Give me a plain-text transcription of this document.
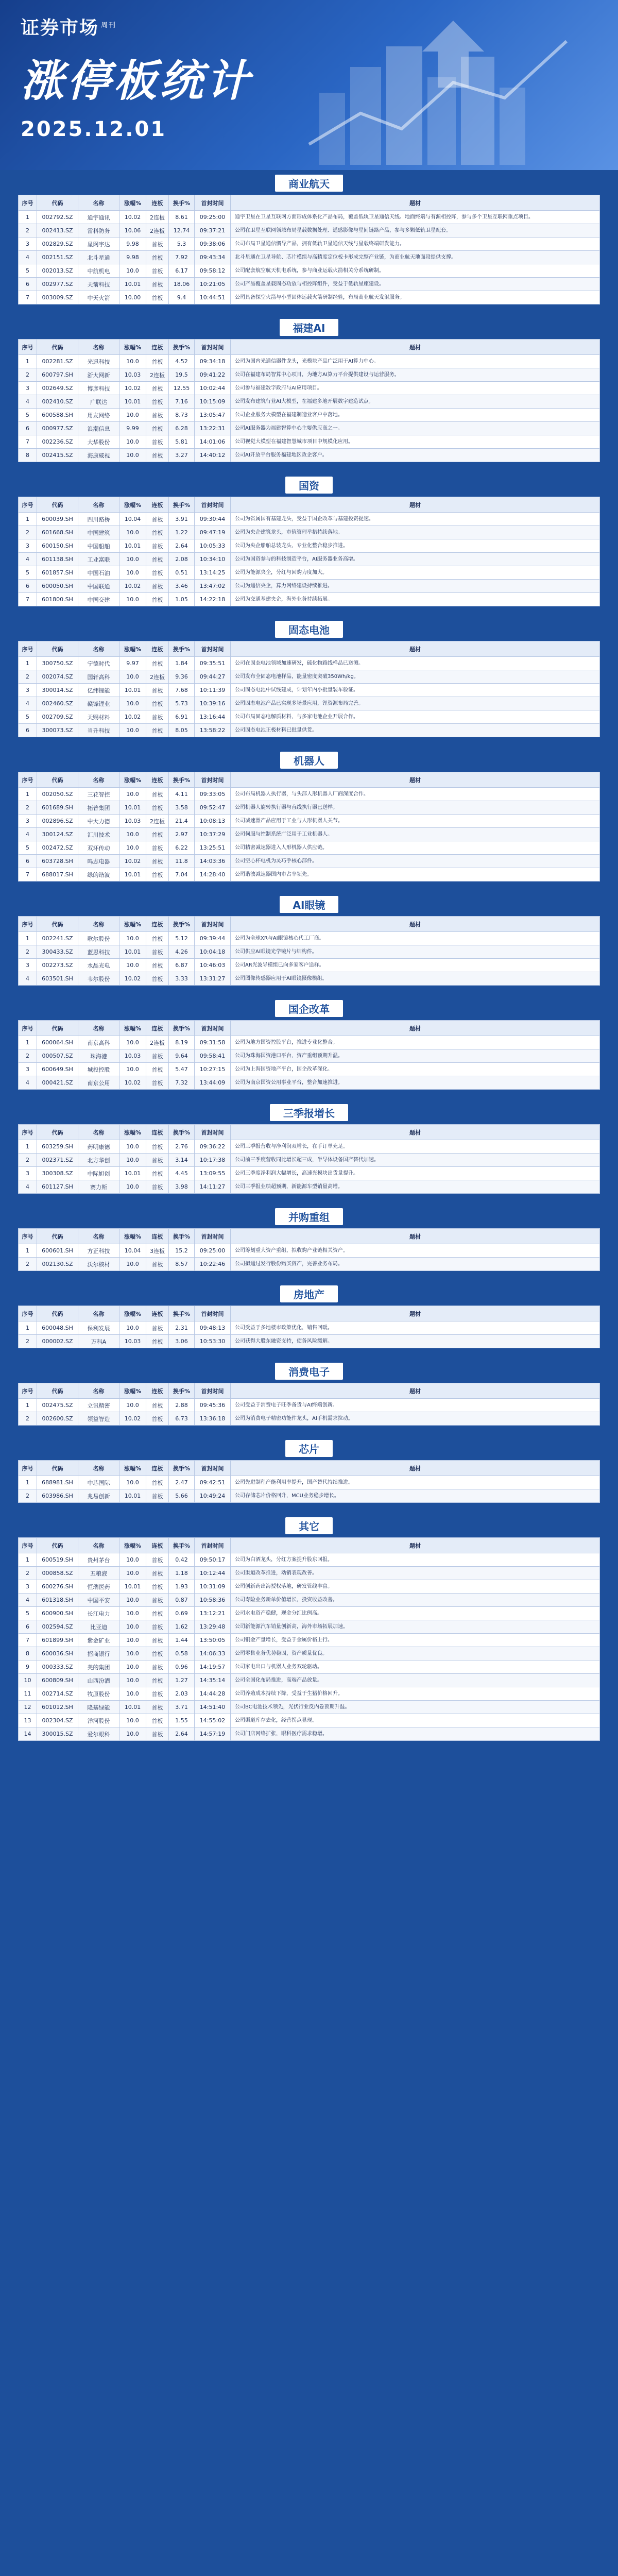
证券市场 $^{周刊}$
涨停板统计
2025.12.01
商业航天
序号	代码	名称	涨幅%	连板	换手%	首封时间	题材
1	002792.SZ	通宇通讯	10.02	2连板	8.61	09:25:00	通宇卫星在卫星互联网方面形成体系化产品布局，覆盖低轨卫星通信天线、地面终端与有源相控阵，参与多个卫星互联网重点项目。
2	002413.SZ	雷科防务	10.06	2连板	12.74	09:37:21	公司在卫星互联网领域布局星载数据处理、遥感影像与星间链路产品，参与多颗低轨卫星配套。
3	002829.SZ	星网宇达	9.98	首板	5.3	09:38:06	公司布局卫星通信惯导产品，拥有低轨卫星通信天线与星载终端研发能力。
4	002151.SZ	北斗星通	9.98	首板	7.92	09:43:34	北斗星通在卫星导航、芯片模组与高精度定位板卡形成完整产业链，为商业航天地面段提供支撑。
5	002013.SZ	中航机电	10.0	首板	6.17	09:58:12	公司配套航空航天机电系统，参与商业运载火箭相关分系统研制。
6	002977.SZ	天箭科技	10.01	首板	18.06	10:21:05	公司产品覆盖星载固态功放与相控阵组件，受益于低轨星座建设。
7	003009.SZ	中天火箭	10.00	首板	9.4	10:44:51	公司具备探空火箭与小型固体运载火箭研制经验，布局商业航天发射服务。
福建AI
序号	代码	名称	涨幅%	连板	换手%	首封时间	题材
1	002281.SZ	光迅科技	10.0	首板	4.52	09:34:18	公司为国内光通信器件龙头，光模块产品广泛用于AI算力中心。
2	600797.SH	浙大网新	10.03	2连板	19.5	09:41:22	公司在福建布局智算中心项目，为地方AI算力平台提供建设与运营服务。
3	002649.SZ	博彦科技	10.02	首板	12.55	10:02:44	公司参与福建数字政府与AI应用项目。
4	002410.SZ	广联达	10.01	首板	7.16	10:15:09	公司发布建筑行业AI大模型，在福建多地开展数字建造试点。
5	600588.SH	用友网络	10.0	首板	8.73	13:05:47	公司企业服务大模型在福建制造业客户中落地。
6	000977.SZ	浪潮信息	9.99	首板	6.28	13:22:31	公司AI服务器为福建智算中心主要供应商之一。
7	002236.SZ	大华股份	10.0	首板	5.81	14:01:06	公司视觉大模型在福建智慧城市项目中规模化应用。
8	002415.SZ	海康威视	10.0	首板	3.27	14:40:12	公司AI开放平台服务福建地区政企客户。
国资
序号	代码	名称	涨幅%	连板	换手%	首封时间	题材
1	600039.SH	四川路桥	10.04	首板	3.91	09:30:44	公司为省属国有基建龙头，受益于国企改革与基建投资提速。
2	601668.SH	中国建筑	10.0	首板	1.22	09:47:19	公司为央企建筑龙头，市值管理举措持续落地。
3	600150.SH	中国船舶	10.01	首板	2.64	10:05:33	公司为央企船舶总装龙头，专业化整合稳步推进。
4	601138.SH	工业富联	10.0	首板	2.08	10:34:10	公司为国资参与的科技制造平台，AI服务器业务高增。
5	601857.SH	中国石油	10.0	首板	0.51	13:14:25	公司为能源央企，分红与回购力度加大。
6	600050.SH	中国联通	10.02	首板	3.46	13:47:02	公司为通信央企，算力网络建设持续推进。
7	601800.SH	中国交建	10.0	首板	1.05	14:22:18	公司为交通基建央企，海外业务持续拓展。
固态电池
序号	代码	名称	涨幅%	连板	换手%	首封时间	题材
1	300750.SZ	宁德时代	9.97	首板	1.84	09:35:51	公司在固态电池领域加速研发，硫化物路线样品已送测。
2	002074.SZ	国轩高科	10.0	2连板	9.36	09:44:27	公司发布全固态电池样品，能量密度突破350Wh/kg。
3	300014.SZ	亿纬锂能	10.01	首板	7.68	10:11:39	公司固态电池中试线建成，计划年内小批量装车验证。
4	002460.SZ	赣锋锂业	10.0	首板	5.73	10:39:16	公司固态电池产品已实现多场景应用，锂资源布局完善。
5	002709.SZ	天赐材料	10.02	首板	6.91	13:16:44	公司布局固态电解质材料，与多家电池企业开展合作。
6	300073.SZ	当升科技	10.0	首板	8.05	13:58:22	公司固态电池正极材料已批量供货。
机器人
序号	代码	名称	涨幅%	连板	换手%	首封时间	题材
1	002050.SZ	三花智控	10.0	首板	4.11	09:33:05	公司布局机器人执行器，与头部人形机器人厂商深度合作。
2	601689.SH	拓普集团	10.01	首板	3.58	09:52:47	公司机器人旋转执行器与直线执行器已送样。
3	002896.SZ	中大力德	10.03	2连板	21.4	10:08:13	公司减速器产品应用于工业与人形机器人关节。
4	300124.SZ	汇川技术	10.0	首板	2.97	10:37:29	公司伺服与控制系统广泛用于工业机器人。
5	002472.SZ	双环传动	10.0	首板	6.22	13:25:51	公司精密减速器进入人形机器人供应链。
6	603728.SH	鸣志电器	10.02	首板	11.8	14:03:36	公司空心杯电机为灵巧手核心部件。
7	688017.SH	绿的谐波	10.01	首板	7.04	14:28:40	公司谐波减速器国内市占率领先。
AI眼镜
序号	代码	名称	涨幅%	连板	换手%	首封时间	题材
1	002241.SZ	歌尔股份	10.0	首板	5.12	09:39:44	公司为全球XR与AI眼镜核心代工厂商。
2	300433.SZ	蓝思科技	10.01	首板	4.26	10:04:18	公司供应AI眼镜光学镜片与结构件。
3	002273.SZ	水晶光电	10.0	首板	6.87	10:46:03	公司AR光波导模组已向多家客户送样。
4	603501.SH	韦尔股份	10.02	首板	3.33	13:31:27	公司图像传感器应用于AI眼镜摄像模组。
国企改革
序号	代码	名称	涨幅%	连板	换手%	首封时间	题材
1	600064.SH	南京高科	10.0	2连板	8.19	09:31:58	公司为地方国资控股平台，推进专业化整合。
2	000507.SZ	珠海港	10.03	首板	9.64	09:58:41	公司为珠海国资港口平台，资产重组预期升温。
3	600649.SH	城投控股	10.0	首板	5.47	10:27:15	公司为上海国资地产平台，国企改革深化。
4	000421.SZ	南京公用	10.02	首板	7.32	13:44:09	公司为南京国资公用事业平台，整合加速推进。
三季报增长
序号	代码	名称	涨幅%	连板	换手%	首封时间	题材
1	603259.SH	药明康德	10.0	首板	2.76	09:36:22	公司三季报营收与净利润双增长，在手订单充足。
2	002371.SZ	北方华创	10.0	首板	3.14	10:17:38	公司前三季度营收同比增长超三成，半导体设备国产替代加速。
3	300308.SZ	中际旭创	10.01	首板	4.45	13:09:55	公司三季度净利润大幅增长，高速光模块出货量提升。
4	601127.SH	赛力斯	10.0	首板	3.98	14:11:27	公司三季报业绩超预期，新能源车型销量高增。
并购重组
序号	代码	名称	涨幅%	连板	换手%	首封时间	题材
1	600601.SH	方正科技	10.04	3连板	15.2	09:25:00	公司筹划重大资产重组，拟收购产业链相关资产。
2	002130.SZ	沃尔核材	10.0	首板	8.57	10:22:46	公司拟通过发行股份购买资产，完善业务布局。
房地产
序号	代码	名称	涨幅%	连板	换手%	首封时间	题材
1	600048.SH	保利发展	10.0	首板	2.31	09:48:13	公司受益于多地楼市政策优化，销售回暖。
2	000002.SZ	万科A	10.03	首板	3.06	10:53:30	公司获得大股东融资支持，债务风险缓解。
消费电子
序号	代码	名称	涨幅%	连板	换手%	首封时间	题材
1	002475.SZ	立讯精密	10.0	首板	2.88	09:45:36	公司受益于消费电子旺季备货与AI终端创新。
2	002600.SZ	领益智造	10.02	首板	6.73	13:36:18	公司为消费电子精密功能件龙头，AI手机需求拉动。
芯片
序号	代码	名称	涨幅%	连板	换手%	首封时间	题材
1	688981.SH	中芯国际	10.0	首板	2.47	09:42:51	公司先进制程产能利用率提升，国产替代持续推进。
2	603986.SH	兆易创新	10.01	首板	5.66	10:49:24	公司存储芯片价格回升，MCU业务稳步增长。
其它
序号	代码	名称	涨幅%	连板	换手%	首封时间	题材
1	600519.SH	贵州茅台	10.0	首板	0.42	09:50:17	公司为白酒龙头，分红方案提升股东回报。
2	000858.SZ	五粮液	10.0	首板	1.18	10:12:44	公司渠道改革推进，动销表现改善。
3	600276.SH	恒瑞医药	10.01	首板	1.93	10:31:09	公司创新药出海授权落地，研发管线丰富。
4	601318.SH	中国平安	10.0	首板	0.87	10:58:36	公司寿险业务新单价值增长，投资收益改善。
5	600900.SH	长江电力	10.0	首板	0.69	13:12:21	公司水电资产稳健，现金分红比例高。
6	002594.SZ	比亚迪	10.0	首板	1.62	13:29:48	公司新能源汽车销量创新高，海外市场拓展加速。
7	601899.SH	紫金矿业	10.0	首板	1.44	13:50:05	公司铜金产量增长，受益于金属价格上行。
8	600036.SH	招商银行	10.0	首板	0.58	14:06:33	公司零售业务优势稳固，资产质量优良。
9	000333.SZ	美的集团	10.0	首板	0.96	14:19:57	公司家电出口与机器人业务双轮驱动。
10	600809.SH	山西汾酒	10.0	首板	1.27	14:35:14	公司全国化布局推进，高端产品放量。
11	002714.SZ	牧原股份	10.0	首板	2.03	14:44:28	公司养殖成本持续下降，受益于生猪价格回升。
12	601012.SH	隆基绿能	10.01	首板	3.71	14:51:40	公司BC电池技术领先，光伏行业反内卷预期升温。
13	002304.SZ	洋河股份	10.0	首板	1.55	14:55:02	公司渠道库存去化，经营拐点显现。
14	300015.SZ	爱尔眼科	10.0	首板	2.64	14:57:19	公司门店网络扩张，眼科医疗需求稳增。
